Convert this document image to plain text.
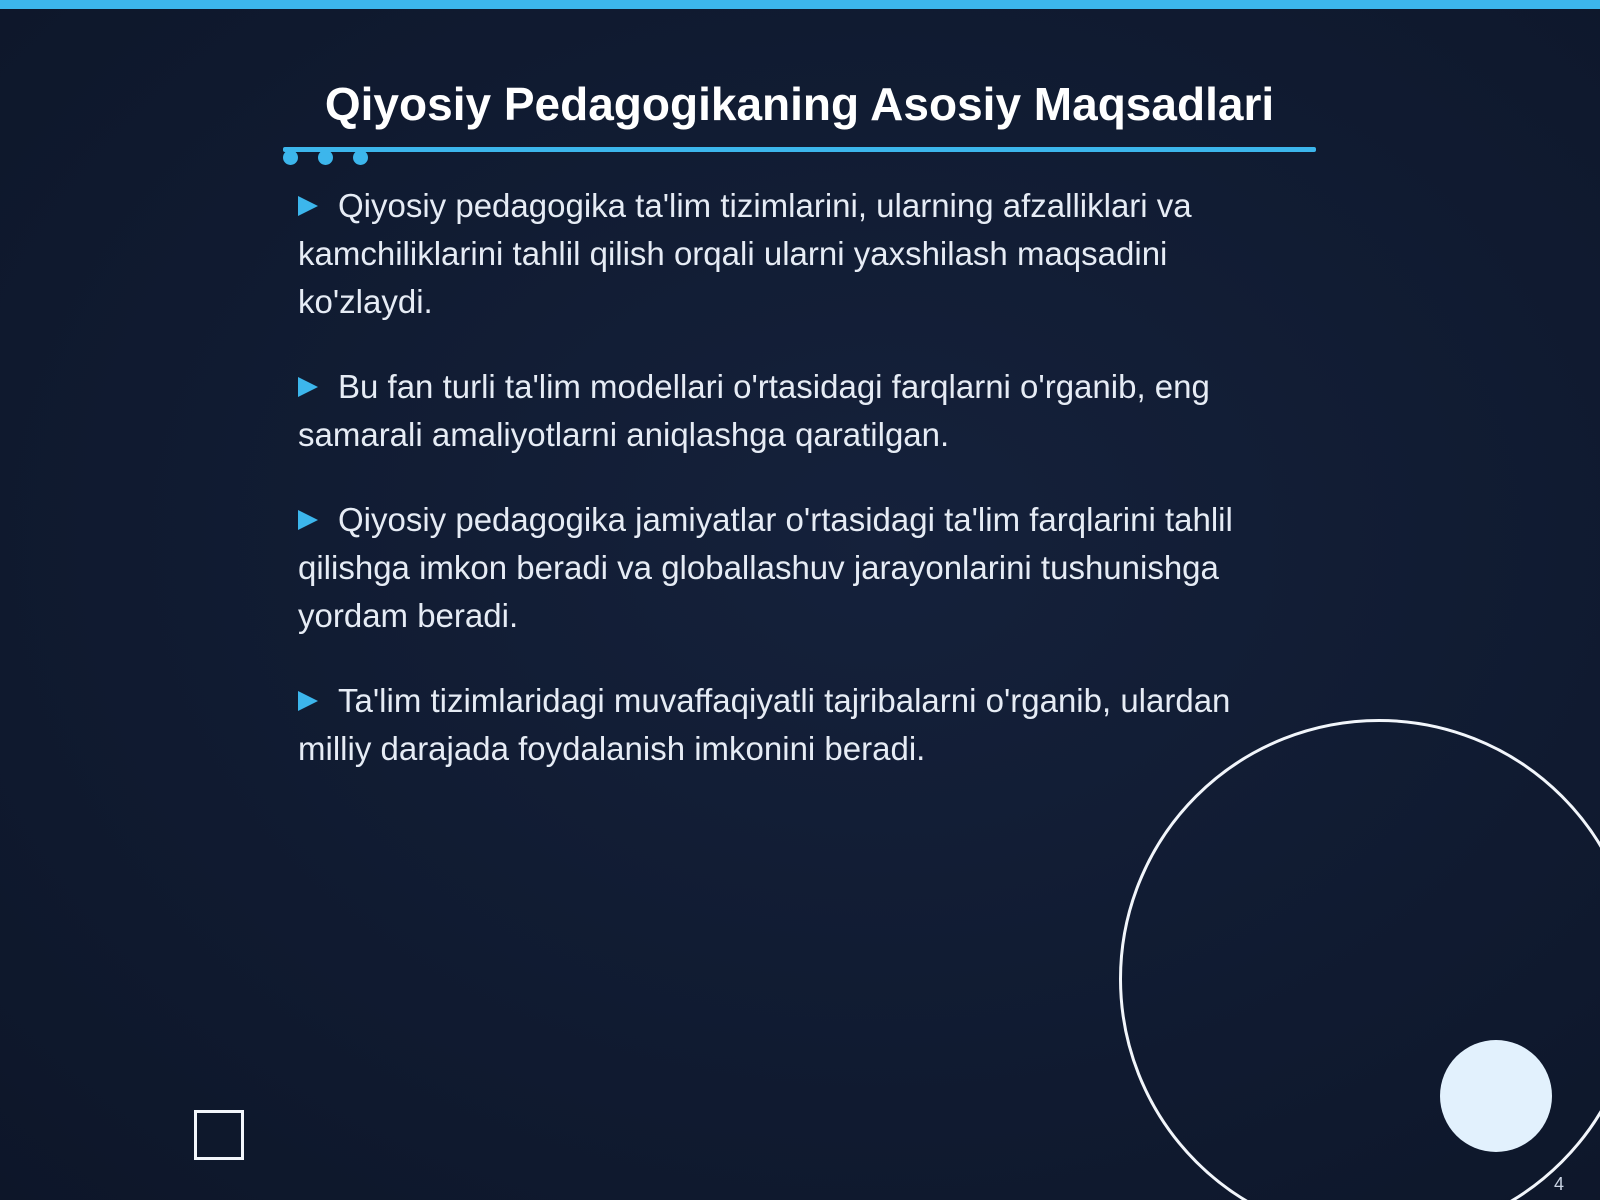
Qiyosiy Pedagogikaning Asosiy Maqsadlari
Qiyosiy pedagogika ta'lim tizimlarini, ularning afzalliklari va kamchiliklarini tahlil qilish orqali ularni yaxshilash maqsadini ko'zlaydi.
Bu fan turli ta'lim modellari o'rtasidagi farqlarni o'rganib, eng samarali amaliyotlarni aniqlashga qaratilgan.
Qiyosiy pedagogika jamiyatlar o'rtasidagi ta'lim farqlarini tahlil qilishga imkon beradi va globallashuv jarayonlarini tushunishga yordam beradi.
Ta'lim tizimlaridagi muvaffaqiyatli tajribalarni o'rganib, ulardan milliy darajada foydalanish imkonini beradi.
4
